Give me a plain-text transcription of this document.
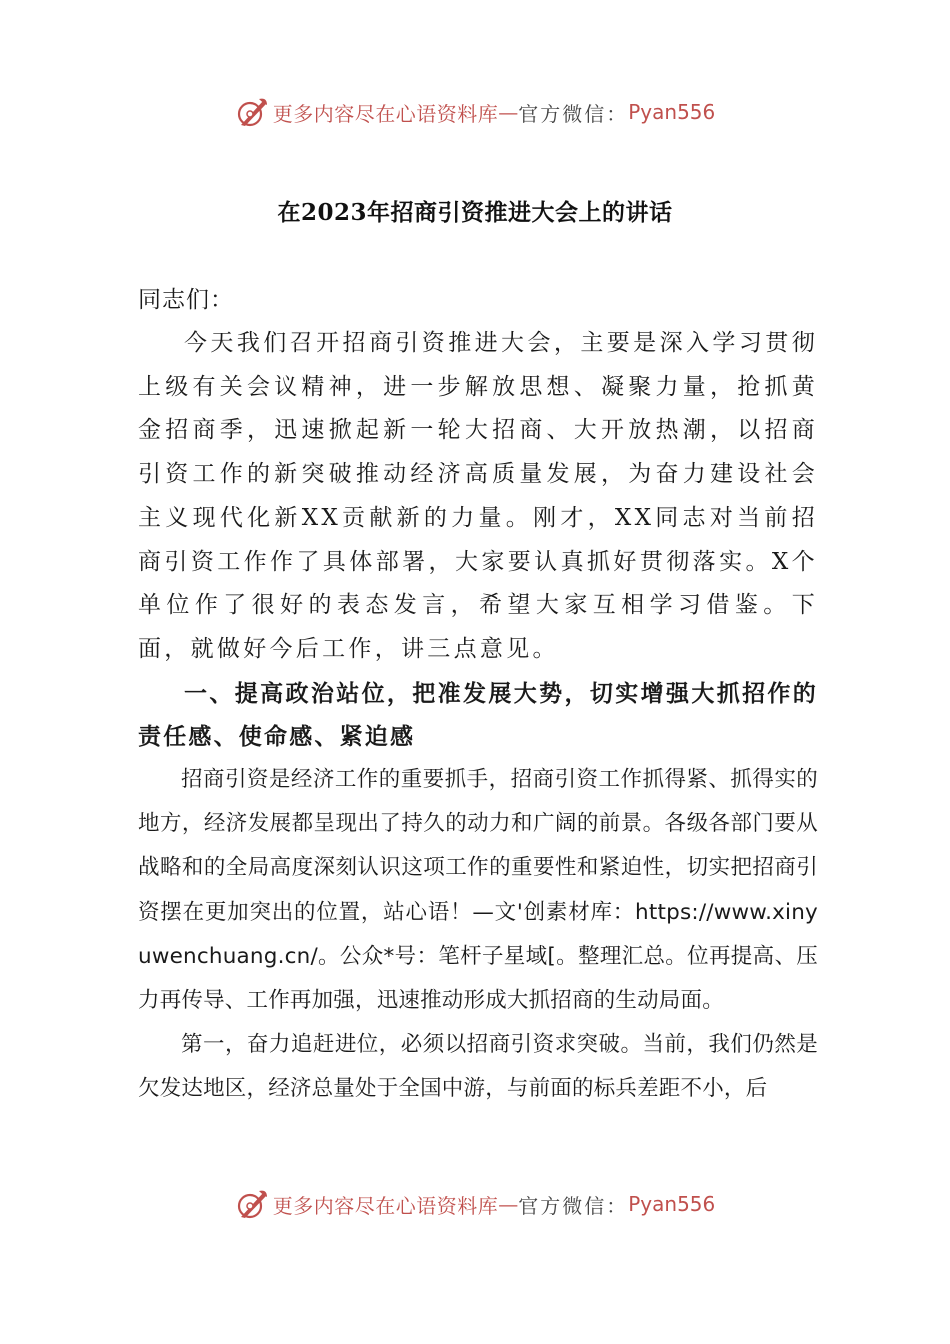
更多内容尽在心语资料库 — 官方微信： Pyan556
在2023年招商引资推进大会上的讲话

同志们：

今天我们召开招商引资推进大会，主要是深入学习贯彻上级有关会议精神，进一步解放思想、凝聚力量，抢抓黄金招商季，迅速掀起新一轮大招商、大开放热潮，以招商引资工作的新突破推动经济高质量发展，为奋力建设社会主义现代化新XX贡献新的力量。刚才，XX同志对当前招商引资工作作了具体部署，大家要认真抓好贯彻落实。X个单位作了很好的表态发言，希望大家互相学习借鉴。下面，就做好今后工作，讲三点意见。

一、提高政治站位，把准发展大势，切实增强大抓招作的责任感、使命感、紧迫感

招商引资是经济工作的重要抓手，招商引资工作抓得紧、抓得实的地方，经济发展都呈现出了持久的动力和广阔的前景。各级各部门要从战略和的全局高度深刻认识这项工作的重要性和紧迫性，切实把招商引资摆在更加突出的位置，站心语！—文'创素材库：https://www.xinyuwenchuang.cn/。公众*号：笔杆子星域[。整理汇总。位再提高、压力再传导、工作再加强，迅速推动形成大抓招商的生动局面。

第一，奋力追赶进位，必须以招商引资求突破。当前，我们仍然是欠发达地区，经济总量处于全国中游，与前面的标兵差距不小，后

更多内容尽在心语资料库 — 官方微信： Pyan556
